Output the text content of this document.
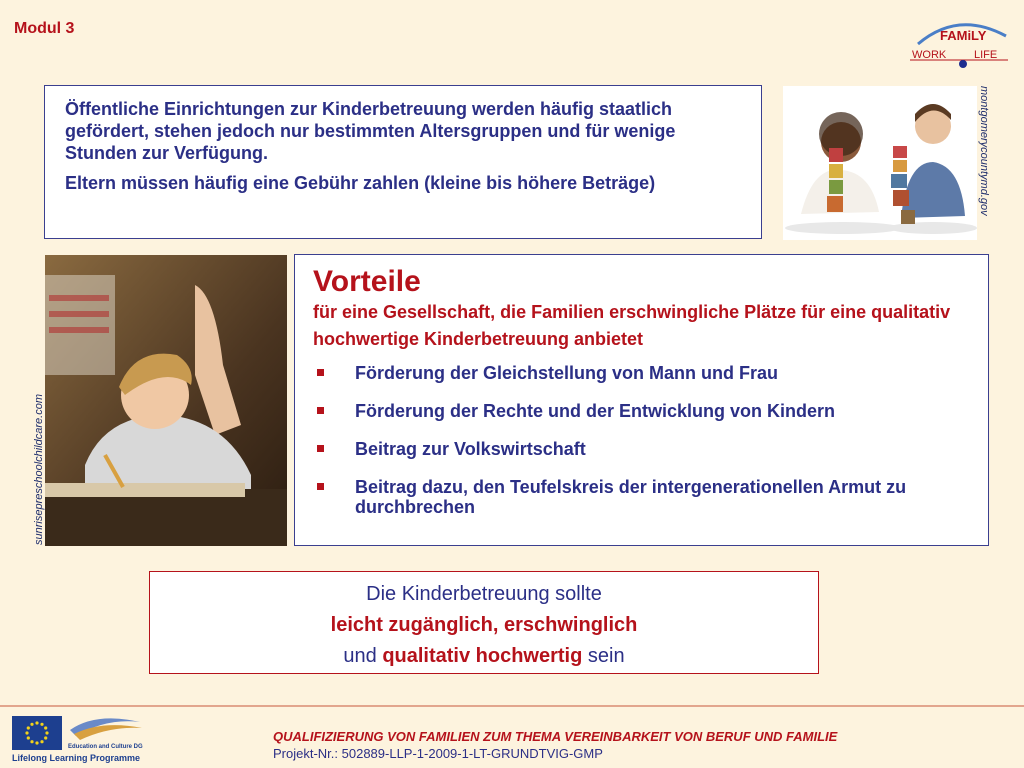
Modul 3	FAMiLY
WORK	LIFE

Öffentliche Einrichtungen zur Kinderbetreuung werden häufig staatlich gefördert, stehen jedoch nur bestimmten Altersgruppen und für wenige Stunden zur Verfügung.

Eltern müssen häufig eine Gebühr zahlen (kleine bis höhere Beträge)	montgomerycountymd.gov
sunrisepreschoolchildcare.com
Vorteile

für eine Gesellschaft, die Familien erschwingliche Plätze für eine qualitativ hochwertige Kinderbetreuung anbietet

Förderung der Gleichstellung von Mann und Frau
Förderung der Rechte und der Entwicklung von Kindern
Beitrag zur Volkswirtschaft
Beitrag dazu, den Teufelskreis der intergenerationellen Armut zu durchbrechen
Die Kinderbetreuung sollte
leicht zugänglich, erschwinglich
und qualitativ hochwertig sein
Education and Culture DG
Lifelong Learning Programme
QUALIFIZIERUNG VON FAMILIEN ZUM THEMA VEREINBARKEIT VON BERUF UND FAMILIE
Projekt-Nr.: 502889-LLP-1-2009-1-LT-GRUNDTVIG-GMP
